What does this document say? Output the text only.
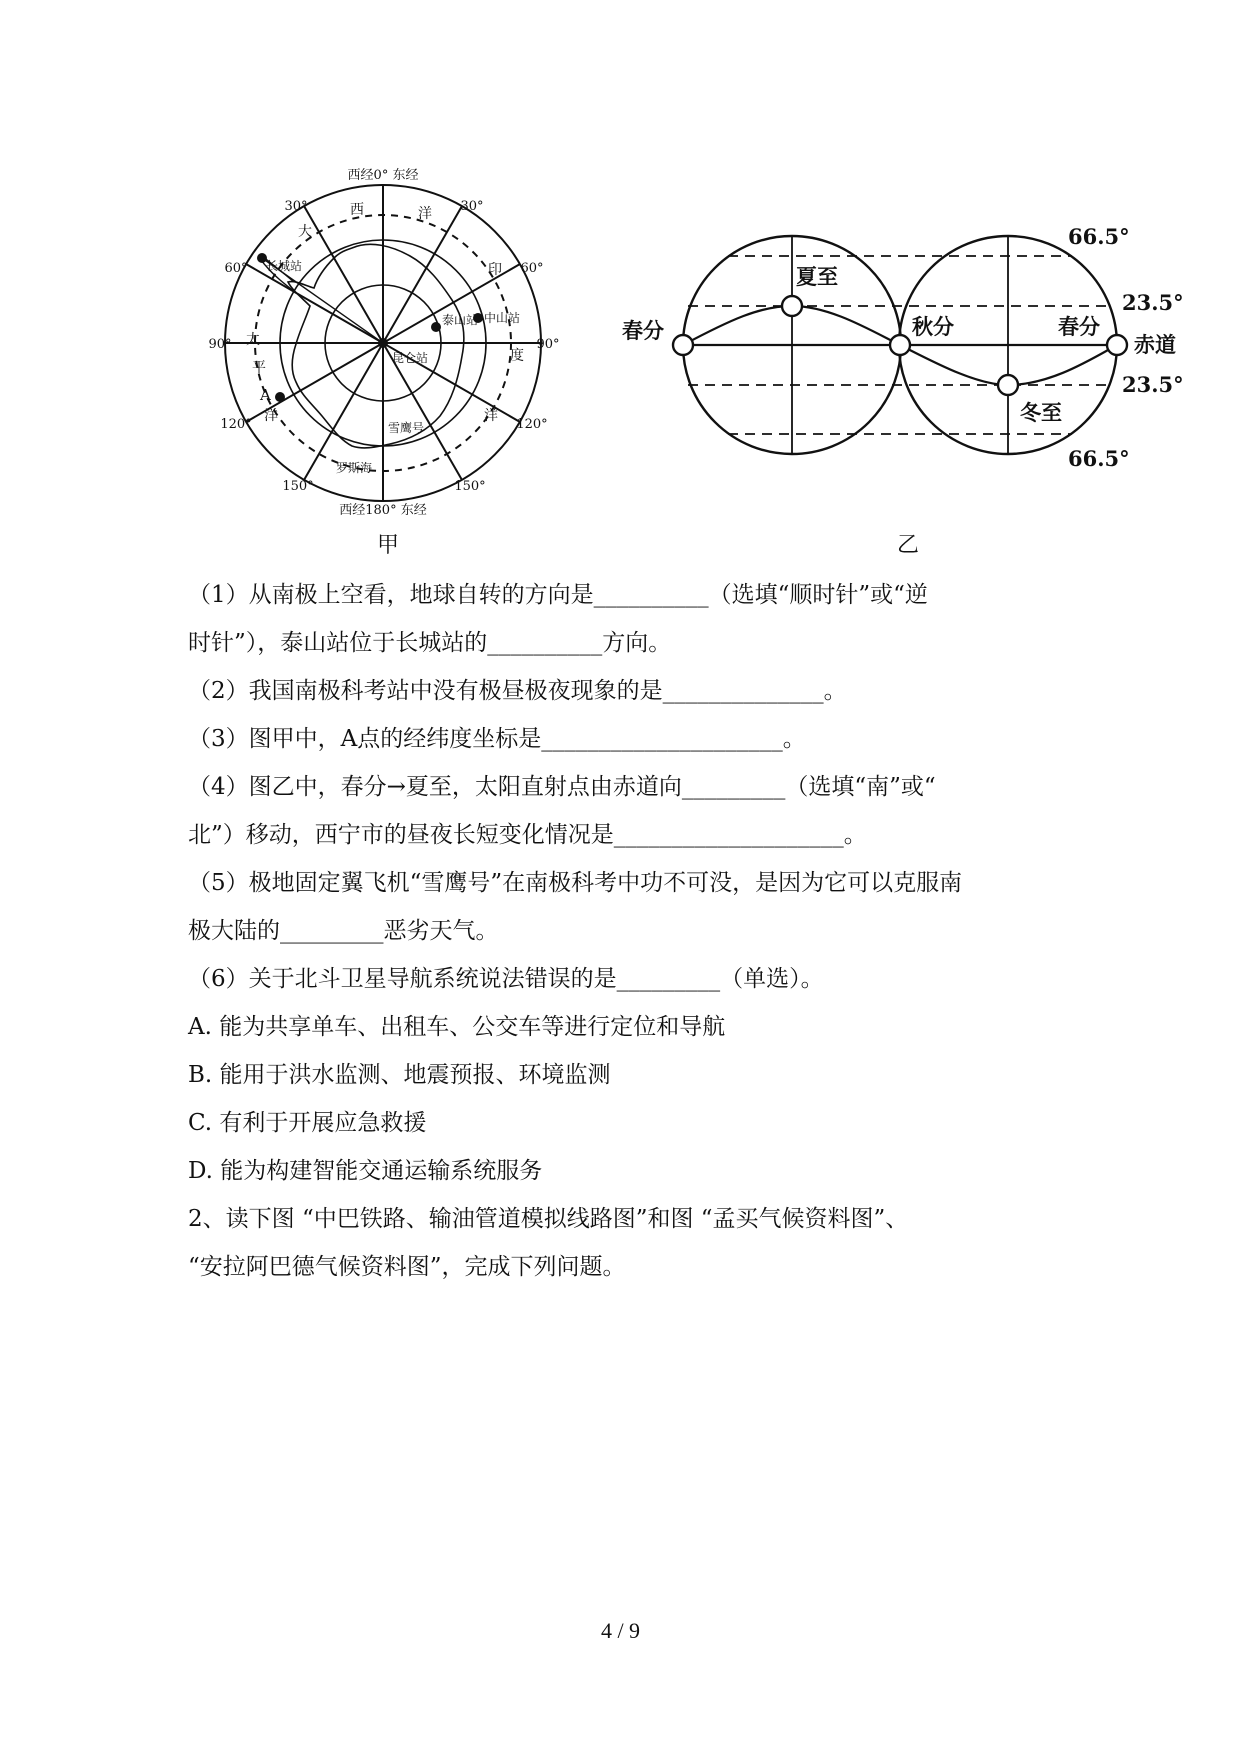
西经0° 东经
西经180° 东经
30°	30°
60°	60°
90°	90°
120°	120°
150°	150°
大
西	洋
印
度
太
平
洋	洋
长城站
泰山站 中山站
昆仑站
雪鹰号
罗斯海
A
66.5°
23.5°
赤道
23.5°
66.5°
春分
夏至
秋分	春分
冬至
甲	乙
（1）从南极上空看，地球自转的方向是__________（选填“顺时针”或“逆
时针”），泰山站位于长城站的__________方向。
（2）我国南极科考站中没有极昼极夜现象的是______________。
（3）图甲中，A点的经纬度坐标是_____________________。
（4）图乙中，春分→夏至，太阳直射点由赤道向_________（选填“南”或“
北”）移动，西宁市的昼夜长短变化情况是____________________。
（5）极地固定翼飞机“雪鹰号”在南极科考中功不可没，是因为它可以克服南
极大陆的_________恶劣天气。
（6）关于北斗卫星导航系统说法错误的是_________（单选）。
A. 能为共享单车、出租车、公交车等进行定位和导航
B. 能用于洪水监测、地震预报、环境监测
C. 有利于开展应急救援
D. 能为构建智能交通运输系统服务
2、读下图 “中巴铁路、输油管道模拟线路图”和图 “孟买气候资料图”、
“安拉阿巴德气候资料图”，完成下列问题。
4 / 9
